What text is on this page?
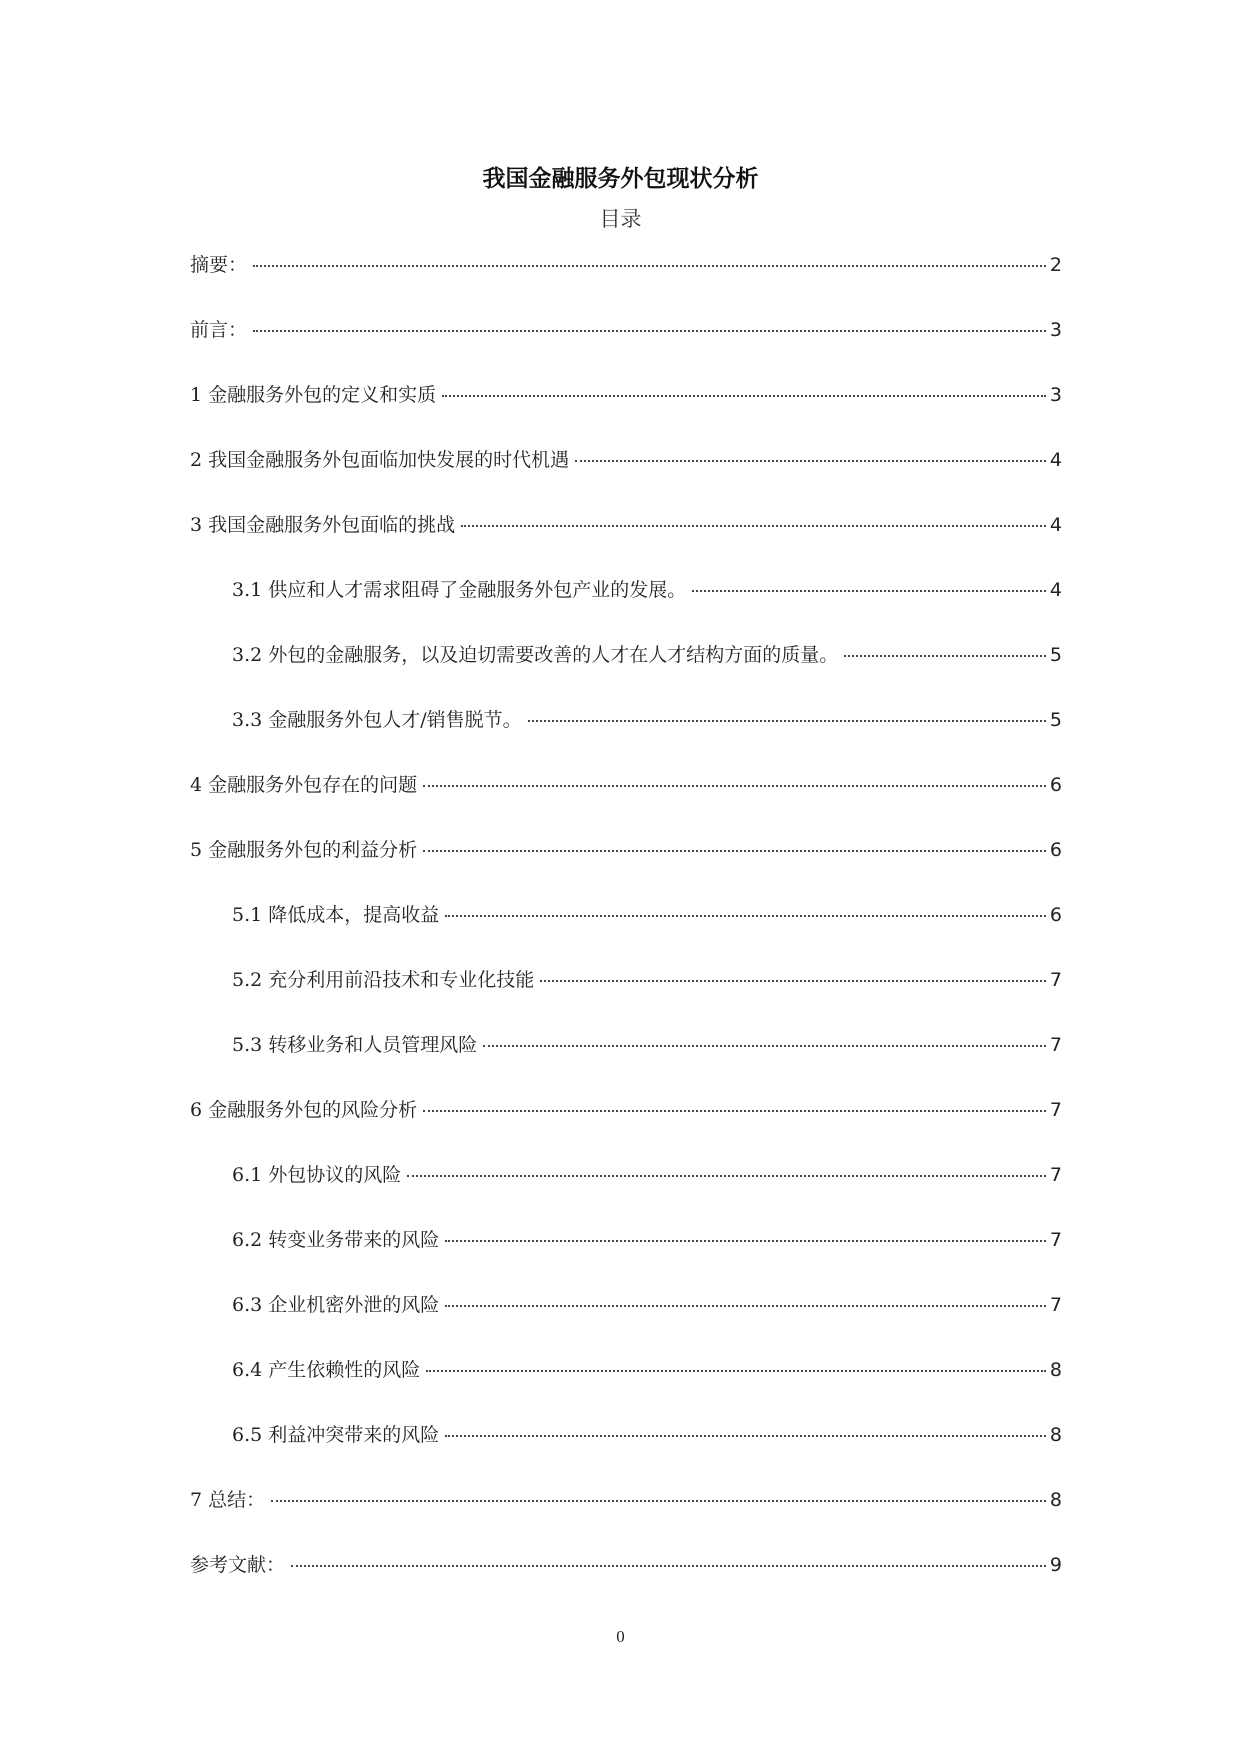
我国金融服务外包现状分析
目录
摘要：	2
前言：	3
1 金融服务外包的定义和实质	3
2 我国金融服务外包面临加快发展的时代机遇	4
3 我国金融服务外包面临的挑战	4
3.1 供应和人才需求阻碍了金融服务外包产业的发展。	4
3.2 外包的金融服务，以及迫切需要改善的人才在人才结构方面的质量。	5
3.3 金融服务外包人才/销售脱节。	5
4 金融服务外包存在的问题	6
5 金融服务外包的利益分析	6
5.1 降低成本，提高收益	6
5.2 充分利用前沿技术和专业化技能	7
5.3 转移业务和人员管理风险	7
6 金融服务外包的风险分析	7
6.1 外包协议的风险	7
6.2 转变业务带来的风险	7
6.3 企业机密外泄的风险	7
6.4 产生依赖性的风险	8
6.5 利益冲突带来的风险	8
7 总结：	8
参考文献：	9
0
